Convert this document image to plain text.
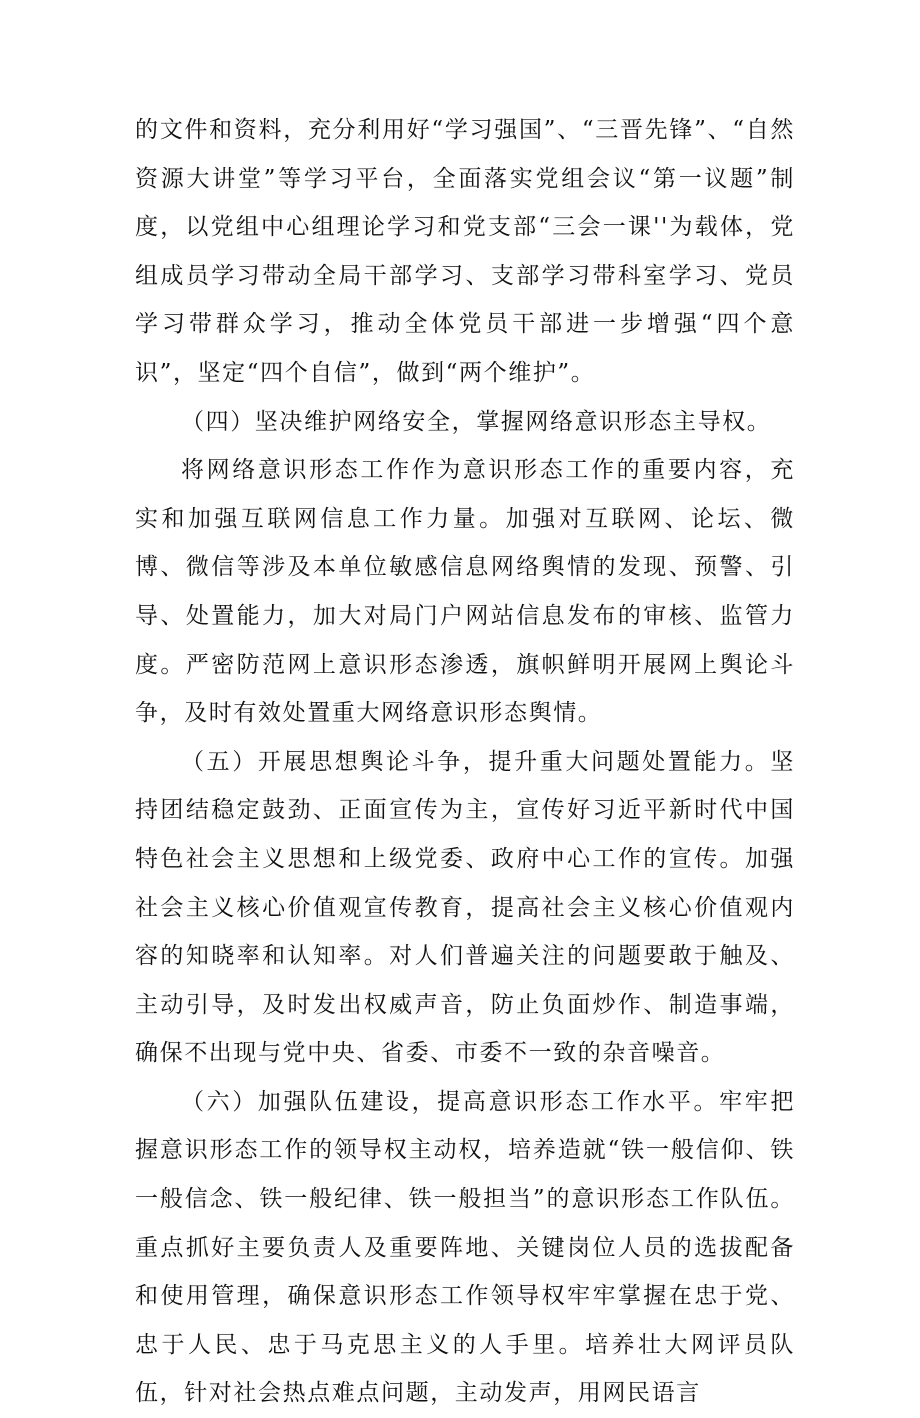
的文件和资料，充分利用好“学习强国”、“三晋先锋”、“自然资源大讲堂”等学习平台，全面落实党组会议“第一议题”制度，以党组中心组理论学习和党支部“三会一课''为载体，党组成员学习带动全局干部学习、支部学习带科室学习、党员学习带群众学习，推动全体党员干部进一步增强“四个意识”，坚定“四个自信”，做到“两个维护”。

（四）坚决维护网络安全，掌握网络意识形态主导权。

将网络意识形态工作作为意识形态工作的重要内容，充实和加强互联网信息工作力量。加强对互联网、论坛、微博、微信等涉及本单位敏感信息网络舆情的发现、预警、引导、处置能力，加大对局门户网站信息发布的审核、监管力度。严密防范网上意识形态渗透，旗帜鲜明开展网上舆论斗争，及时有效处置重大网络意识形态舆情。

（五）开展思想舆论斗争，提升重大问题处置能力。坚持团结稳定鼓劲、正面宣传为主，宣传好习近平新时代中国特色社会主义思想和上级党委、政府中心工作的宣传。加强社会主义核心价值观宣传教育，提高社会主义核心价值观内容的知晓率和认知率。对人们普遍关注的问题要敢于触及、主动引导，及时发出权威声音，防止负面炒作、制造事端，确保不出现与党中央、省委、市委不一致的杂音噪音。

（六）加强队伍建设，提高意识形态工作水平。牢牢把握意识形态工作的领导权主动权，培养造就“铁一般信仰、铁一般信念、铁一般纪律、铁一般担当”的意识形态工作队伍。重点抓好主要负责人及重要阵地、关键岗位人员的选拔配备和使用管理，确保意识形态工作领导权牢牢掌握在忠于党、忠于人民、忠于马克思主义的人手里。培养壮大网评员队伍，针对社会热点难点问题，主动发声，用网民语言
